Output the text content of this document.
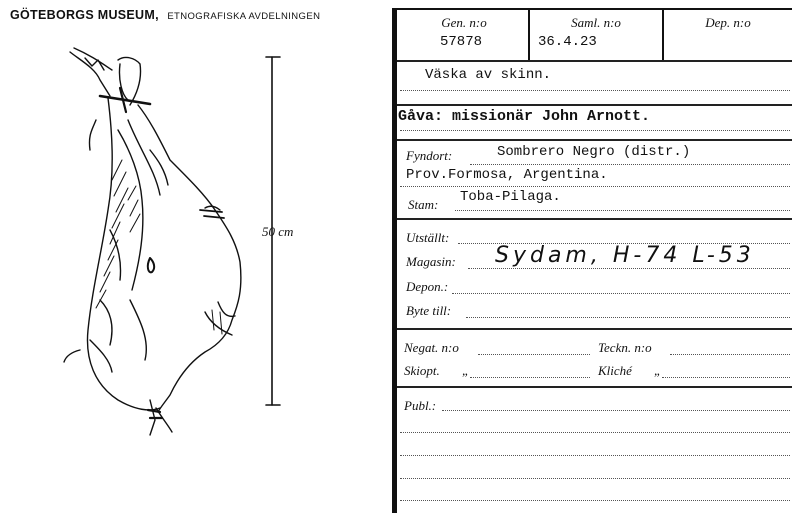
GÖTEBORGS MUSEUM, ETNOGRAFISKA AVDELNINGEN
50 cm
Gen. n:o	Saml. n:o	Dep. n:o
57878	36.4.23
Väska av skinn.
Gåva: missionär John Arnott.
Fyndort:	Sombrero Negro (distr.)
Prov.Formosa, Argentina.
Stam: Toba-Pilaga.
Utställt:
Magasin: Sydam, H-74 L-53
Depon.:
Byte till:
Negat. n:o	Teckn. n:o
Skiopt. „	Kliché „
Publ.:
